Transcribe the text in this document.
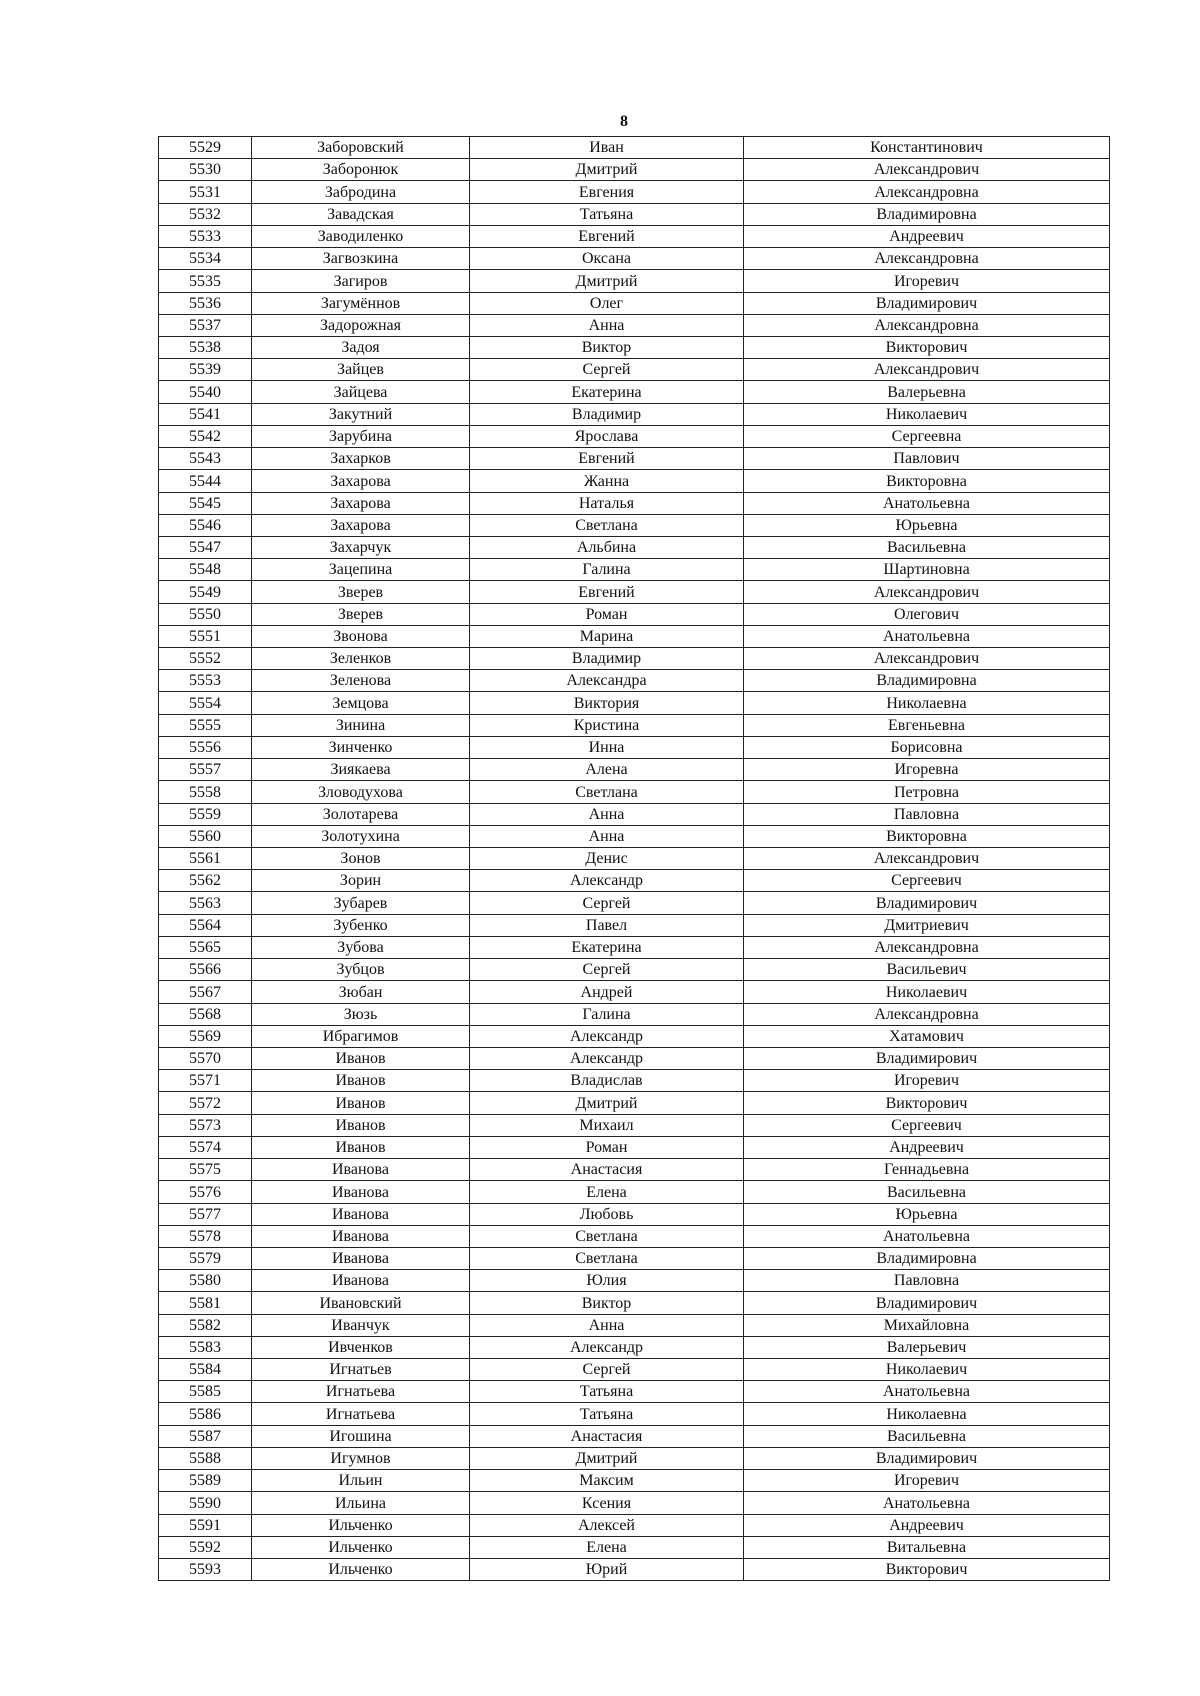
8
5529	Заборовский	Иван	Константинович
5530	Заборонюк	Дмитрий	Александрович
5531	Забродина	Евгения	Александровна
5532	Завадская	Татьяна	Владимировна
5533	Заводиленко	Евгений	Андреевич
5534	Загвозкина	Оксана	Александровна
5535	Загиров	Дмитрий	Игоревич
5536	Загумённов	Олег	Владимирович
5537	Задорожная	Анна	Александровна
5538	Задоя	Виктор	Викторович
5539	Зайцев	Сергей	Александрович
5540	Зайцева	Екатерина	Валерьевна
5541	Закутний	Владимир	Николаевич
5542	Зарубина	Ярослава	Сергеевна
5543	Захарков	Евгений	Павлович
5544	Захарова	Жанна	Викторовна
5545	Захарова	Наталья	Анатольевна
5546	Захарова	Светлана	Юрьевна
5547	Захарчук	Альбина	Васильевна
5548	Зацепина	Галина	Шартиновна
5549	Зверев	Евгений	Александрович
5550	Зверев	Роман	Олегович
5551	Звонова	Марина	Анатольевна
5552	Зеленков	Владимир	Александрович
5553	Зеленова	Александра	Владимировна
5554	Земцова	Виктория	Николаевна
5555	Зинина	Кристина	Евгеньевна
5556	Зинченко	Инна	Борисовна
5557	Зиякаева	Алена	Игоревна
5558	Зловодухова	Светлана	Петровна
5559	Золотарева	Анна	Павловна
5560	Золотухина	Анна	Викторовна
5561	Зонов	Денис	Александрович
5562	Зорин	Александр	Сергеевич
5563	Зубарев	Сергей	Владимирович
5564	Зубенко	Павел	Дмитриевич
5565	Зубова	Екатерина	Александровна
5566	Зубцов	Сергей	Васильевич
5567	Зюбан	Андрей	Николаевич
5568	Зюзь	Галина	Александровна
5569	Ибрагимов	Александр	Хатамович
5570	Иванов	Александр	Владимирович
5571	Иванов	Владислав	Игоревич
5572	Иванов	Дмитрий	Викторович
5573	Иванов	Михаил	Сергеевич
5574	Иванов	Роман	Андреевич
5575	Иванова	Анастасия	Геннадьевна
5576	Иванова	Елена	Васильевна
5577	Иванова	Любовь	Юрьевна
5578	Иванова	Светлана	Анатольевна
5579	Иванова	Светлана	Владимировна
5580	Иванова	Юлия	Павловна
5581	Ивановский	Виктор	Владимирович
5582	Иванчук	Анна	Михайловна
5583	Ивченков	Александр	Валерьевич
5584	Игнатьев	Сергей	Николаевич
5585	Игнатьева	Татьяна	Анатольевна
5586	Игнатьева	Татьяна	Николаевна
5587	Игошина	Анастасия	Васильевна
5588	Игумнов	Дмитрий	Владимирович
5589	Ильин	Максим	Игоревич
5590	Ильина	Ксения	Анатольевна
5591	Ильченко	Алексей	Андреевич
5592	Ильченко	Елена	Витальевна
5593	Ильченко	Юрий	Викторович
